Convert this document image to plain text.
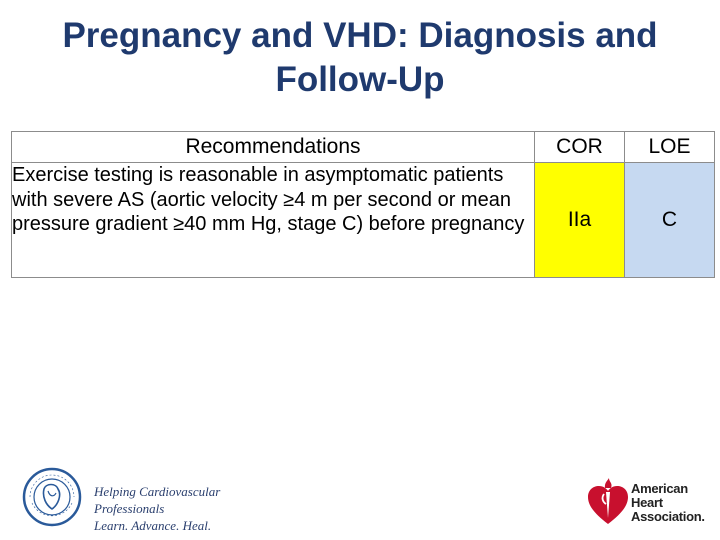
Pregnancy and VHD: Diagnosis and
Follow-Up
Recommendations	COR	LOE
Exercise testing is reasonable in asymptomatic patients with severe AS (aortic velocity ≥4 m per second or mean pressure gradient ≥40 mm Hg, stage C) before pregnancy	IIa	C
Helping Cardiovascular Professionals
Learn. Advance. Heal.
American
Heart
Association.
